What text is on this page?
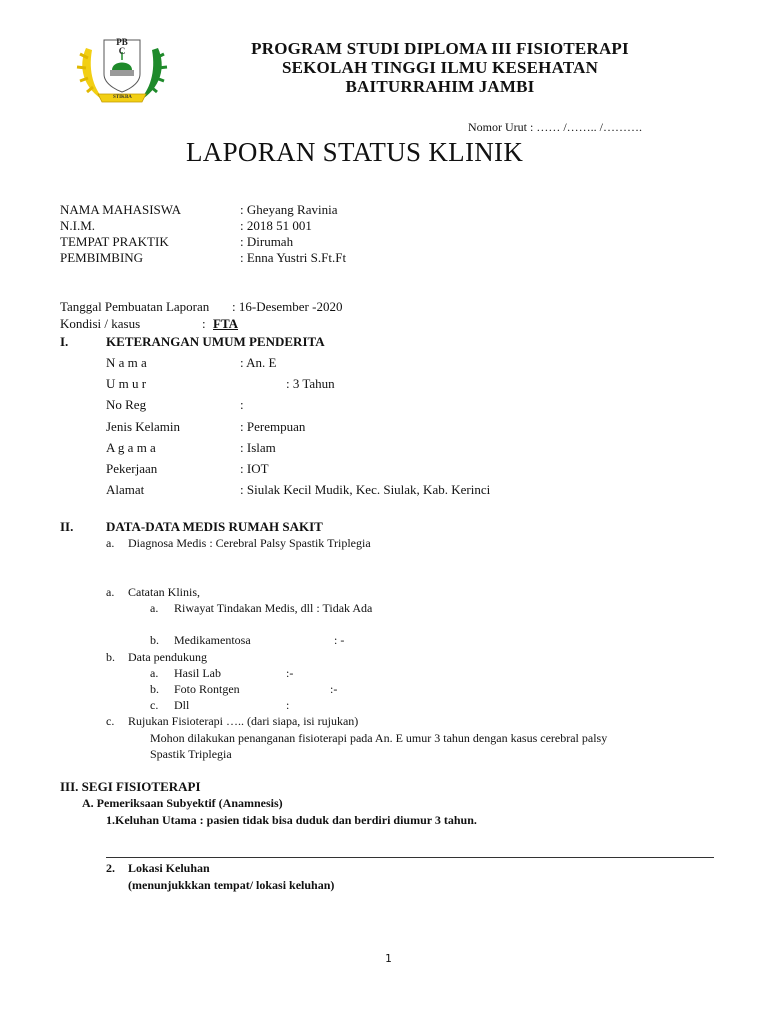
PB C
STIKBA
PROGRAM STUDI DIPLOMA III FISIOTERAPI
SEKOLAH TINGGI ILMU KESEHATAN
BAITURRAHIM JAMBI
Nomor Urut : …… /…….. /……….
LAPORAN STATUS KLINIK
NAMA MAHASISWA	: Gheyang Ravinia
N.I.M.	: 2018 51 001
TEMPAT PRAKTIK	: Dirumah
PEMBIMBING	: Enna Yustri S.Ft.Ft
Tanggal Pembuatan Laporan : 16-Desember -2020
Kondisi / kasus	: FTA
I.	KETERANGAN UMUM PENDERITA
N a m a	: An. E
U m u r	: 3 Tahun
No Reg	:
Jenis Kelamin	: Perempuan
A g a m a	: Islam
Pekerjaan	: IOT
Alamat	: Siulak Kecil Mudik, Kec. Siulak, Kab. Kerinci
II.	DATA-DATA MEDIS RUMAH SAKIT
a. Diagnosa Medis : Cerebral Palsy Spastik Triplegia
a. Catatan Klinis,
a. Riwayat Tindakan Medis, dll : Tidak Ada
b. Medikamentosa	: -
b. Data pendukung
a. Hasil Lab	:-
b. Foto Rontgen	:-
c. Dll	:
c. Rujukan Fisioterapi ….. (dari siapa, isi rujukan)
Mohon dilakukan penanganan fisioterapi pada An. E umur 3 tahun dengan kasus cerebral palsy
Spastik Triplegia
III. SEGI FISIOTERAPI
A. Pemeriksaan Subyektif (Anamnesis)
1.Keluhan Utama : pasien tidak bisa duduk dan berdiri diumur 3 tahun.
2. Lokasi Keluhan
(menunjukkkan tempat/ lokasi keluhan)
1
